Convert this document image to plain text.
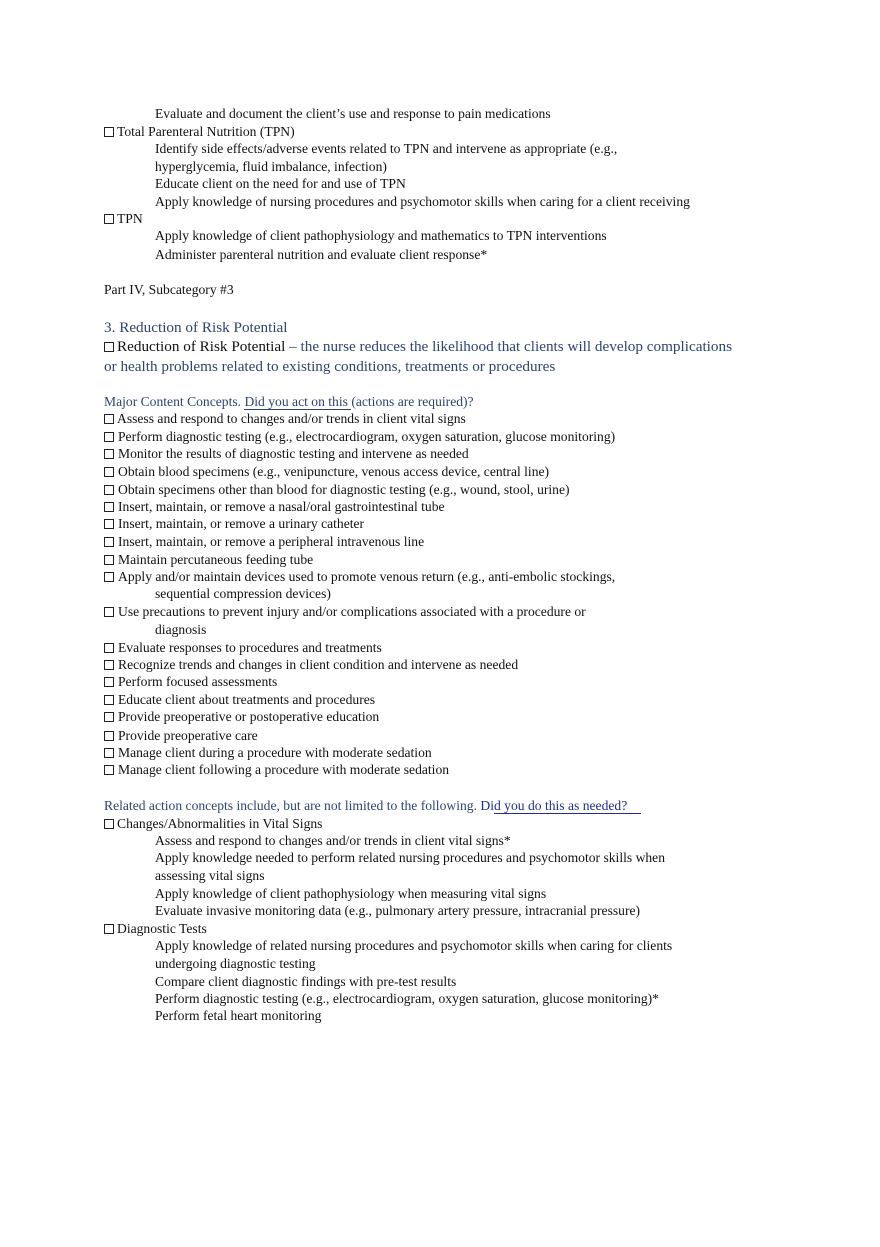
Evaluate and document the client’s use and response to pain medications
Total Parenteral Nutrition (TPN)
Identify side effects/adverse events related to TPN and intervene as appropriate (e.g.,
hyperglycemia, fluid imbalance, infection)
Educate client on the need for and use of TPN
Apply knowledge of nursing procedures and psychomotor skills when caring for a client receiving
TPN
Apply knowledge of client pathophysiology and mathematics to TPN interventions
Administer parenteral nutrition and evaluate client response*
Part IV, Subcategory #3
3. Reduction of Risk Potential
Reduction of Risk Potential – the nurse reduces the likelihood that clients will develop complications
or health problems related to existing conditions, treatments or procedures
Major Content Concepts. Did you act on this (actions are required)?
Assess and respond to changes and/or trends in client vital signs
Perform diagnostic testing (e.g., electrocardiogram, oxygen saturation, glucose monitoring)
Monitor the results of diagnostic testing and intervene as needed
Obtain blood specimens (e.g., venipuncture, venous access device, central line)
Obtain specimens other than blood for diagnostic testing (e.g., wound, stool, urine)
Insert, maintain, or remove a nasal/oral gastrointestinal tube
Insert, maintain, or remove a urinary catheter
Insert, maintain, or remove a peripheral intravenous line
Maintain percutaneous feeding tube
Apply and/or maintain devices used to promote venous return (e.g., anti-embolic stockings,
sequential compression devices)
Use precautions to prevent injury and/or complications associated with a procedure or
diagnosis
Evaluate responses to procedures and treatments
Recognize trends and changes in client condition and intervene as needed
Perform focused assessments
Educate client about treatments and procedures
Provide preoperative or postoperative education
Provide preoperative care
Manage client during a procedure with moderate sedation
Manage client following a procedure with moderate sedation
Related action concepts include, but are not limited to the following. Did you do this as needed?
Changes/Abnormalities in Vital Signs
Assess and respond to changes and/or trends in client vital signs*
Apply knowledge needed to perform related nursing procedures and psychomotor skills when
assessing vital signs
Apply knowledge of client pathophysiology when measuring vital signs
Evaluate invasive monitoring data (e.g., pulmonary artery pressure, intracranial pressure)
Diagnostic Tests
Apply knowledge of related nursing procedures and psychomotor skills when caring for clients
undergoing diagnostic testing
Compare client diagnostic findings with pre-test results
Perform diagnostic testing (e.g., electrocardiogram, oxygen saturation, glucose monitoring)*
Perform fetal heart monitoring
